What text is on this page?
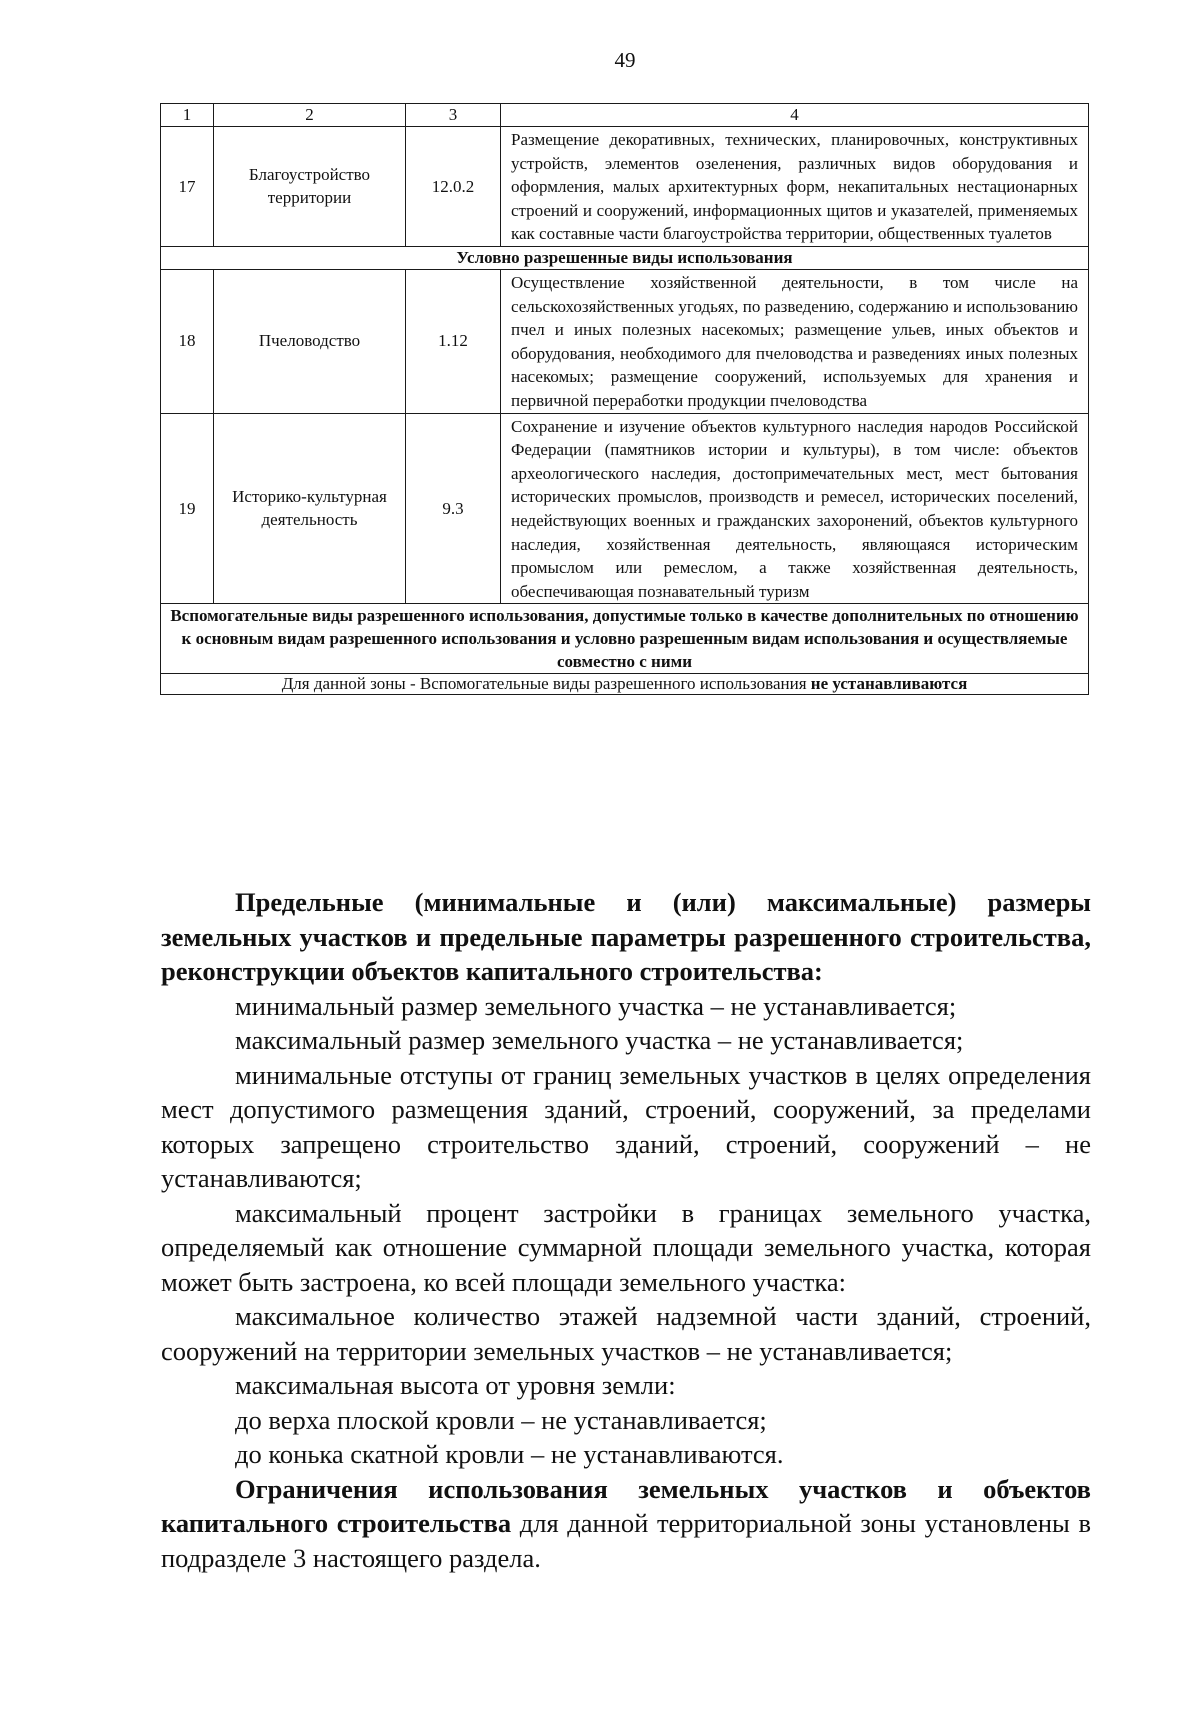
49
1	2	3	4
17	Благоустройство территории	12.0.2	Размещение декоративных, технических, планировочных, конструктивных устройств, элементов озеленения, различных видов оборудования и оформления, малых архитектурных форм, некапитальных нестационарных строений и сооружений, информационных щитов и указателей, применяемых как составные части благоустройства территории, общественных туалетов
Условно разрешенные виды использования			
18	Пчеловодство	1.12	Осуществление хозяйственной деятельности, в том числе на сельскохозяйственных угодьях, по разведению, содержанию и использованию пчел и иных полезных насекомых; размещение ульев, иных объектов и оборудования, необходимого для пчеловодства и разведениях иных полезных насекомых; размещение сооружений, используемых для хранения и первичной переработки продукции пчеловодства
19	Историко-культурная деятельность	9.3	Сохранение и изучение объектов культурного наследия народов Российской Федерации (памятников истории и культуры), в том числе: объектов археологического наследия, достопримечательных мест, мест бытования исторических промыслов, производств и ремесел, исторических поселений, недействующих военных и гражданских захоронений, объектов культурного наследия, хозяйственная деятельность, являющаяся историческим промыслом или ремеслом, а также хозяйственная деятельность, обеспечивающая познавательный туризм
Вспомогательные виды разрешенного использования, допустимые только в качестве дополнительных по отношению к основным видам разрешенного использования и условно разрешенным видам использования и осуществляемые совместно с ними			
Для данной зоны - Вспомогательные виды разрешенного использования не устанавливаются			

Предельные (минимальные и (или) максимальные) размеры земельных участков и предельные параметры разрешенного строительства, реконструкции объектов капитального строительства:

минимальный размер земельного участка – не устанавливается;

максимальный размер земельного участка – не устанавливается;

минимальные отступы от границ земельных участков в целях определения мест допустимого размещения зданий, строений, сооружений, за пределами которых запрещено строительство зданий, строений, сооружений – не устанавливаются;

максимальный процент застройки в границах земельного участка, определяемый как отношение суммарной площади земельного участка, которая может быть застроена, ко всей площади земельного участка:

максимальное количество этажей надземной части зданий, строений, сооружений на территории земельных участков – не устанавливается;

максимальная высота от уровня земли:

до верха плоской кровли – не устанавливается;

до конька скатной кровли – не устанавливаются.

Ограничения использования земельных участков и объектов капитального строительства для данной территориальной зоны установлены в подразделе 3 настоящего раздела.
